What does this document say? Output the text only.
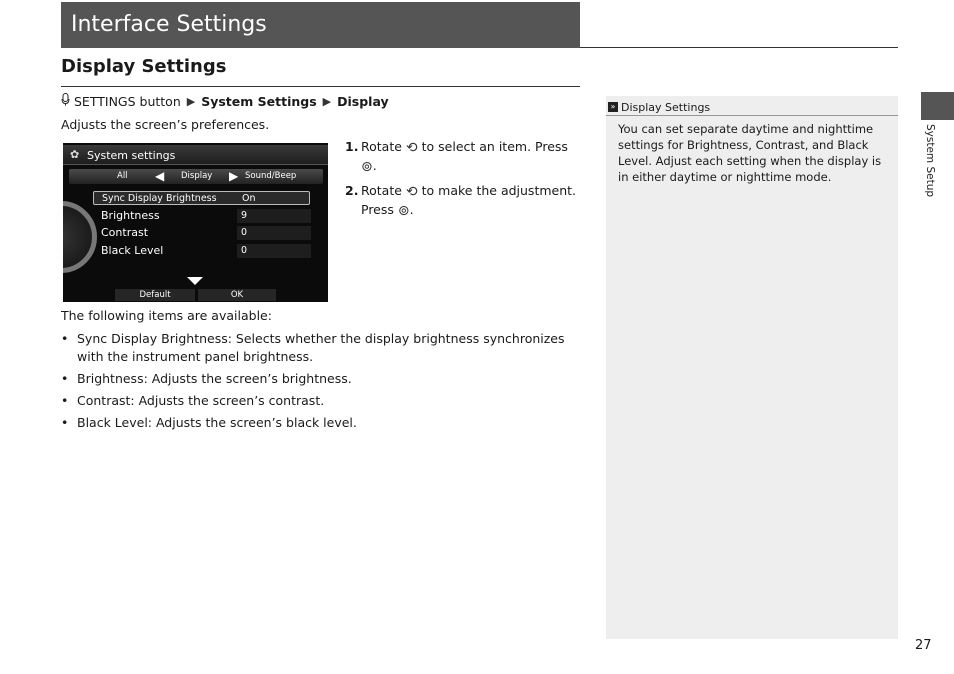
Interface Settings
Display Settings
SETTINGS button ▶ System Settings ▶ Display
Adjusts the screen’s preferences.
✿ System settings
All ◀ Display ▶ Sound/Beep
Sync Display Brightness	On
Brightness	9
Contrast	0
Black Level	0
Default	OK
1. Rotate ⟲ to select an item. Press ⊚.
2. Rotate ⟲ to make the adjustment. Press ⊚.
The following items are available:
• Sync Display Brightness: Selects whether the display brightness synchronizes with the instrument panel brightness.
• Brightness: Adjusts the screen’s brightness.
• Contrast: Adjusts the screen’s contrast.
• Black Level: Adjusts the screen’s black level.
» Display Settings
You can set separate daytime and nighttime settings for Brightness, Contrast, and Black Level. Adjust each setting when the display is in either daytime or nighttime mode.	System Setup
27
